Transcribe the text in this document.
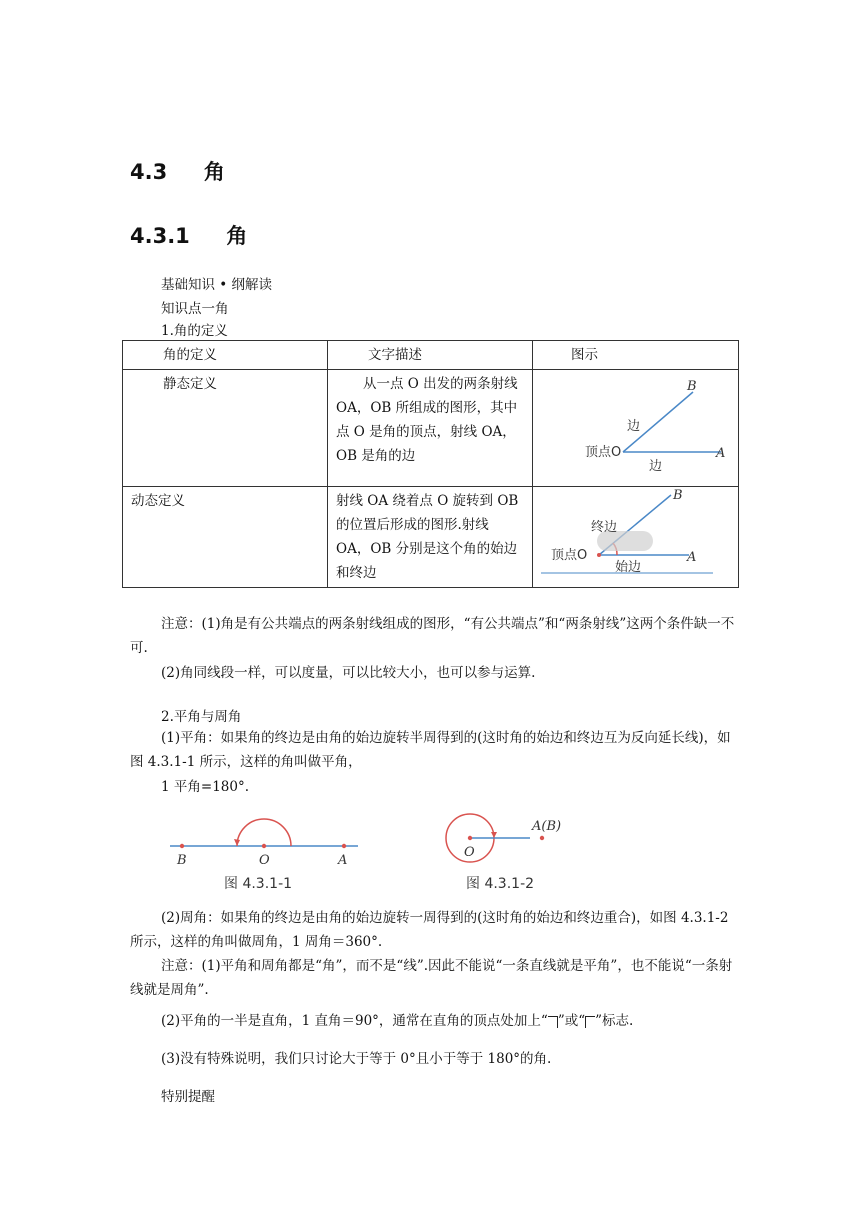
4.3 角
4.3.1 角
基础知识 • 纲解读
知识点一角
1.角的定义
角的定义	文字描述	图示
静态定义	从一点 O 出发的两条射线 OA，OB 所组成的图形，其中点 O 是角的顶点，射线 OA，OB 是角的边	B
A
顶点O
边
边

动态定义	射线 OA 绕着点 O 旋转到 OB 的位置后形成的图形.射线 OA，OB 分别是这个角的始边和终边	B
A
顶点O
终边
始边
注意：(1)角是有公共端点的两条射线组成的图形，“有公共端点”和“两条射线”这两个条件缺一不可.
(2)角同线段一样，可以度量，可以比较大小，也可以参与运算.
2.平角与周角
(1)平角：如果角的终边是由角的始边旋转半周得到的(这时角的始边和终边互为反向延长线)，如图 4.3.1-1 所示，这样的角叫做平角，
1 平角=180°.
B	O	A
图 4.3.1-1
A(B)
O
图 4.3.1-2
(2)周角：如果角的终边是由角的始边旋转一周得到的(这时角的始边和终边重合)，如图 4.3.1-2 所示，这样的角叫做周角，1 周角＝360°.
注意：(1)平角和周角都是“角”，而不是“线”.因此不能说“一条直线就是平角”，也不能说“一条射线就是周角”.
(2)平角的一半是直角，1 直角＝90°，通常在直角的顶点处加上“ ”或“ ”标志.
(3)没有特殊说明，我们只讨论大于等于 0°且小于等于 180°的角.
特别提醒
